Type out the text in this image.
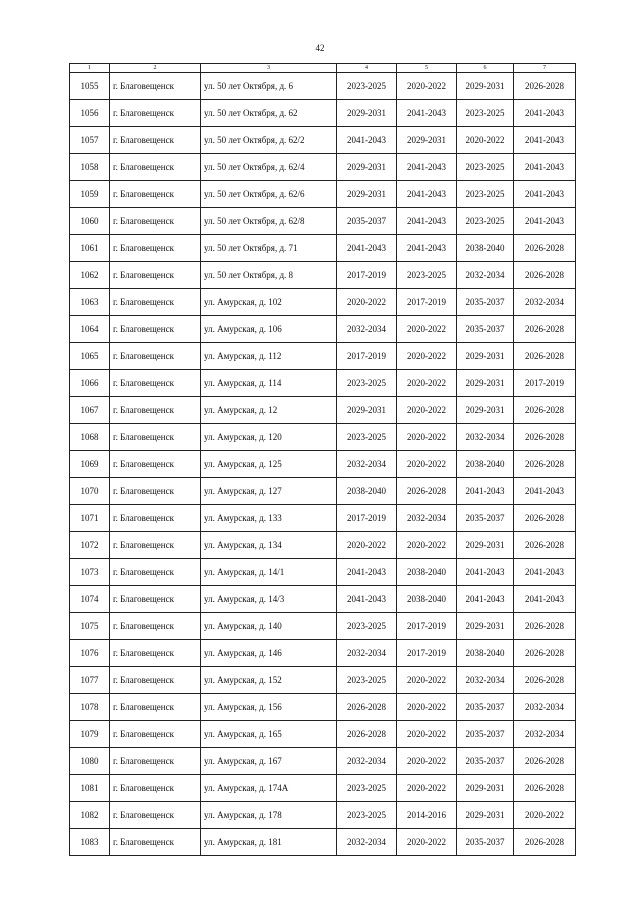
42
1	2	3	4	5	6	7
1055	г. Благовещенск	ул. 50 лет Октября, д. 6	2023-2025	2020-2022	2029-2031	2026-2028
1056	г. Благовещенск	ул. 50 лет Октября, д. 62	2029-2031	2041-2043	2023-2025	2041-2043
1057	г. Благовещенск	ул. 50 лет Октября, д. 62/2	2041-2043	2029-2031	2020-2022	2041-2043
1058	г. Благовещенск	ул. 50 лет Октября, д. 62/4	2029-2031	2041-2043	2023-2025	2041-2043
1059	г. Благовещенск	ул. 50 лет Октября, д. 62/6	2029-2031	2041-2043	2023-2025	2041-2043
1060	г. Благовещенск	ул. 50 лет Октября, д. 62/8	2035-2037	2041-2043	2023-2025	2041-2043
1061	г. Благовещенск	ул. 50 лет Октября, д. 71	2041-2043	2041-2043	2038-2040	2026-2028
1062	г. Благовещенск	ул. 50 лет Октября, д. 8	2017-2019	2023-2025	2032-2034	2026-2028
1063	г. Благовещенск	ул. Амурская, д. 102	2020-2022	2017-2019	2035-2037	2032-2034
1064	г. Благовещенск	ул. Амурская, д. 106	2032-2034	2020-2022	2035-2037	2026-2028
1065	г. Благовещенск	ул. Амурская, д. 112	2017-2019	2020-2022	2029-2031	2026-2028
1066	г. Благовещенск	ул. Амурская, д. 114	2023-2025	2020-2022	2029-2031	2017-2019
1067	г. Благовещенск	ул. Амурская, д. 12	2029-2031	2020-2022	2029-2031	2026-2028
1068	г. Благовещенск	ул. Амурская, д. 120	2023-2025	2020-2022	2032-2034	2026-2028
1069	г. Благовещенск	ул. Амурская, д. 125	2032-2034	2020-2022	2038-2040	2026-2028
1070	г. Благовещенск	ул. Амурская, д. 127	2038-2040	2026-2028	2041-2043	2041-2043
1071	г. Благовещенск	ул. Амурская, д. 133	2017-2019	2032-2034	2035-2037	2026-2028
1072	г. Благовещенск	ул. Амурская, д. 134	2020-2022	2020-2022	2029-2031	2026-2028
1073	г. Благовещенск	ул. Амурская, д. 14/1	2041-2043	2038-2040	2041-2043	2041-2043
1074	г. Благовещенск	ул. Амурская, д. 14/3	2041-2043	2038-2040	2041-2043	2041-2043
1075	г. Благовещенск	ул. Амурская, д. 140	2023-2025	2017-2019	2029-2031	2026-2028
1076	г. Благовещенск	ул. Амурская, д. 146	2032-2034	2017-2019	2038-2040	2026-2028
1077	г. Благовещенск	ул. Амурская, д. 152	2023-2025	2020-2022	2032-2034	2026-2028
1078	г. Благовещенск	ул. Амурская, д. 156	2026-2028	2020-2022	2035-2037	2032-2034
1079	г. Благовещенск	ул. Амурская, д. 165	2026-2028	2020-2022	2035-2037	2032-2034
1080	г. Благовещенск	ул. Амурская, д. 167	2032-2034	2020-2022	2035-2037	2026-2028
1081	г. Благовещенск	ул. Амурская, д. 174А	2023-2025	2020-2022	2029-2031	2026-2028
1082	г. Благовещенск	ул. Амурская, д. 178	2023-2025	2014-2016	2029-2031	2020-2022
1083	г. Благовещенск	ул. Амурская, д. 181	2032-2034	2020-2022	2035-2037	2026-2028
